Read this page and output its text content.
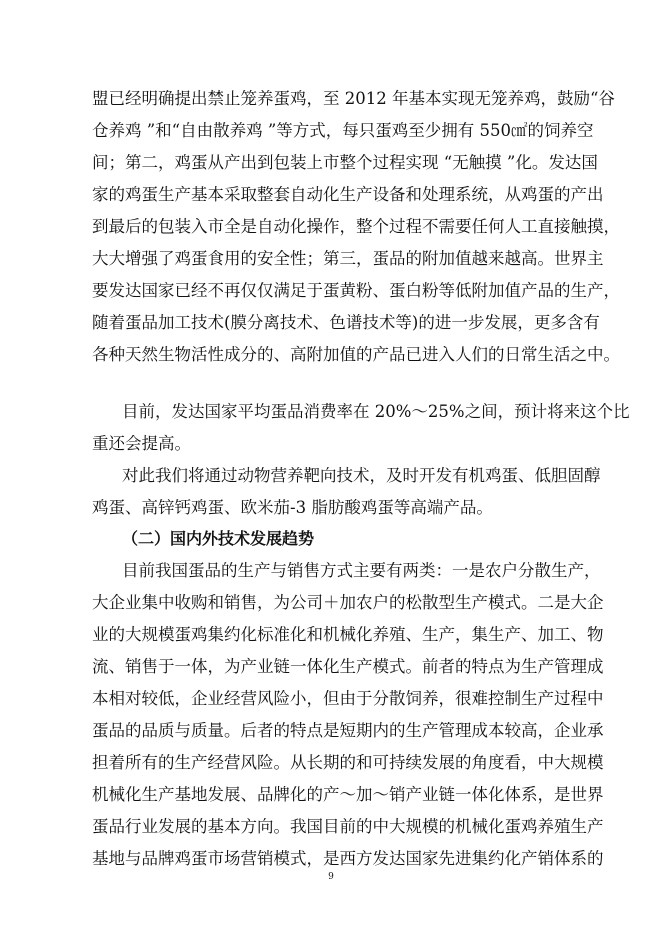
盟已经明确提出禁止笼养蛋鸡，至 2012 年基本实现无笼养鸡，鼓励“谷
仓养鸡 ”和“自由散养鸡 ”等方式，每只蛋鸡至少拥有 550㎠的饲养空
间；第二，鸡蛋从产出到包装上市整个过程实现 “无触摸 ”化。发达国
家的鸡蛋生产基本采取整套自动化生产设备和处理系统，从鸡蛋的产出
到最后的包装入市全是自动化操作，整个过程不需要任何人工直接触摸，
大大增强了鸡蛋食用的安全性；第三，蛋品的附加值越来越高。世界主
要发达国家已经不再仅仅满足于蛋黄粉、蛋白粉等低附加值产品的生产，
随着蛋品加工技术(膜分离技术、色谱技术等)的进一步发展，更多含有
各种天然生物活性成分的、高附加值的产品已进入人们的日常生活之中。
目前，发达国家平均蛋品消费率在 20%～25%之间，预计将来这个比
重还会提高。
对此我们将通过动物营养靶向技术，及时开发有机鸡蛋、低胆固醇
鸡蛋、高锌钙鸡蛋、欧米茄-3 脂肪酸鸡蛋等高端产品。
（二）国内外技术发展趋势
目前我国蛋品的生产与销售方式主要有两类：一是农户分散生产，
大企业集中收购和销售，为公司＋加农户的松散型生产模式。二是大企
业的大规模蛋鸡集约化标准化和机械化养殖、生产，集生产、加工、物
流、销售于一体，为产业链一体化生产模式。前者的特点为生产管理成
本相对较低，企业经营风险小，但由于分散饲养，很难控制生产过程中
蛋品的品质与质量。后者的特点是短期内的生产管理成本较高，企业承
担着所有的生产经营风险。从长期的和可持续发展的角度看，中大规模
机械化生产基地发展、品牌化的产～加～销产业链一体化体系，是世界
蛋品行业发展的基本方向。我国目前的中大规模的机械化蛋鸡养殖生产
基地与品牌鸡蛋市场营销模式，是西方发达国家先进集约化产销体系的
9
